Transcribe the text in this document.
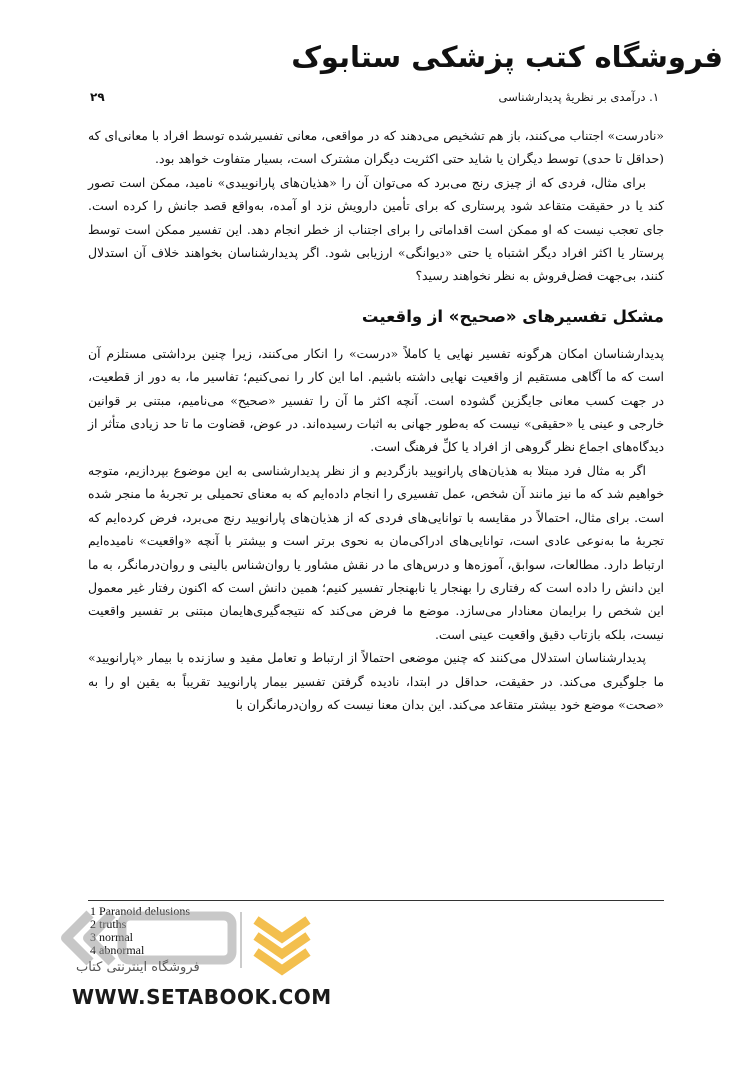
فروشگاه کتب پزشکی ستابوک
۱. درآمدی بر نظریهٔ پدیدارشناسی
۲۹

«نادرست» اجتناب می‌کنند، باز هم تشخیص می‌دهند که در مواقعی، معانی تفسیرشده توسط افراد با معانی‌ای که (حداقل تا حدی) توسط دیگران یا شاید حتی اکثریت دیگران مشترک است، بسیار متفاوت خواهد بود.

برای مثال، فردی که از چیزی رنج می‌برد که می‌توان آن را «هذیان‌های پارانوییدی» نامید، ممکن است تصور کند یا در حقیقت متقاعد شود پرستاری که برای تأمین دارویش نزد او آمده، به‌واقع قصد جانش را کرده است. جای تعجب نیست که او ممکن است اقداماتی را برای اجتناب از خطر انجام دهد. این تفسیر ممکن است توسط پرستار یا اکثر افراد دیگر اشتباه یا حتی «دیوانگی» ارزیابی شود. اگر پدیدارشناسان بخواهند خلاف آن استدلال کنند، بی‌جهت فضل‌فروش به نظر نخواهند رسید؟

مشکل تفسیرهای «صحیح» از واقعیت

پدیدارشناسان امکان هرگونه تفسیر نهایی یا کاملاً «درست» را انکار می‌کنند، زیرا چنین برداشتی مستلزم آن است که ما آگاهی مستقیم از واقعیت نهایی داشته باشیم. اما این کار را نمی‌کنیم؛ تفاسیر ما، به دور از قطعیت، در جهت کسب معانی جایگزین گشوده است. آنچه اکثر ما آن را تفسیر «صحیح» می‌نامیم، مبتنی بر قوانین خارجی و عینی یا «حقیقی» نیست که به‌طور جهانی به اثبات رسیده‌اند. در عوض، قضاوت ما تا حد زیادی متأثر از دیدگاه‌های اجماع نظر گروهی از افراد یا کلِّ فرهنگ است.

اگر به مثال فرد مبتلا به هذیان‌های پارانویید بازگردیم و از نظر پدیدارشناسی به این موضوع بپردازیم، متوجه خواهیم شد که ما نیز مانند آن شخص، عمل تفسیری را انجام داده‌ایم که به معنای تحمیلی بر تجربهٔ ما منجر شده است. برای مثال، احتمالاً در مقایسه با توانایی‌های فردی که از هذیان‌های پارانویید رنج می‌برد، فرض کرده‌ایم که تجربهٔ ما به‌نوعی عادی است، توانایی‌های ادراکی‌مان به نحوی برتر است و بیشتر با آنچه «واقعیت» نامیده‌ایم ارتباط دارد. مطالعات، سوابق، آموزه‌ها و درس‌های ما در نقش مشاور یا روان‌شناس بالینی و روان‌درمانگر، به ما این دانش را داده است که رفتاری را بهنجار یا نابهنجار تفسیر کنیم؛ همین دانش است که اکنون رفتار غیر معمول این شخص را برایمان معنادار می‌سازد. موضع ما فرض می‌کند که نتیجه‌گیری‌هایمان مبتنی بر تفسیر واقعیت نیست، بلکه بازتاب دقیق واقعیت عینی است.

پدیدارشناسان استدلال می‌کنند که چنین موضعی احتمالاً از ارتباط و تعامل مفید و سازنده با بیمار «پارانویید» ما جلوگیری می‌کند. در حقیقت، حداقل در ابتدا، نادیده گرفتن تفسیر بیمار پارانویید تقریباً به یقین او را به «صحت» موضع خود بیشتر متقاعد می‌کند. این بدان معنا نیست که روان‌درمانگران با

1 Paranoid delusions
2 truths
3 normal
4 abnormal
فروشگاه اینترنتی کتاب
WWW.SETABOOK.COM
